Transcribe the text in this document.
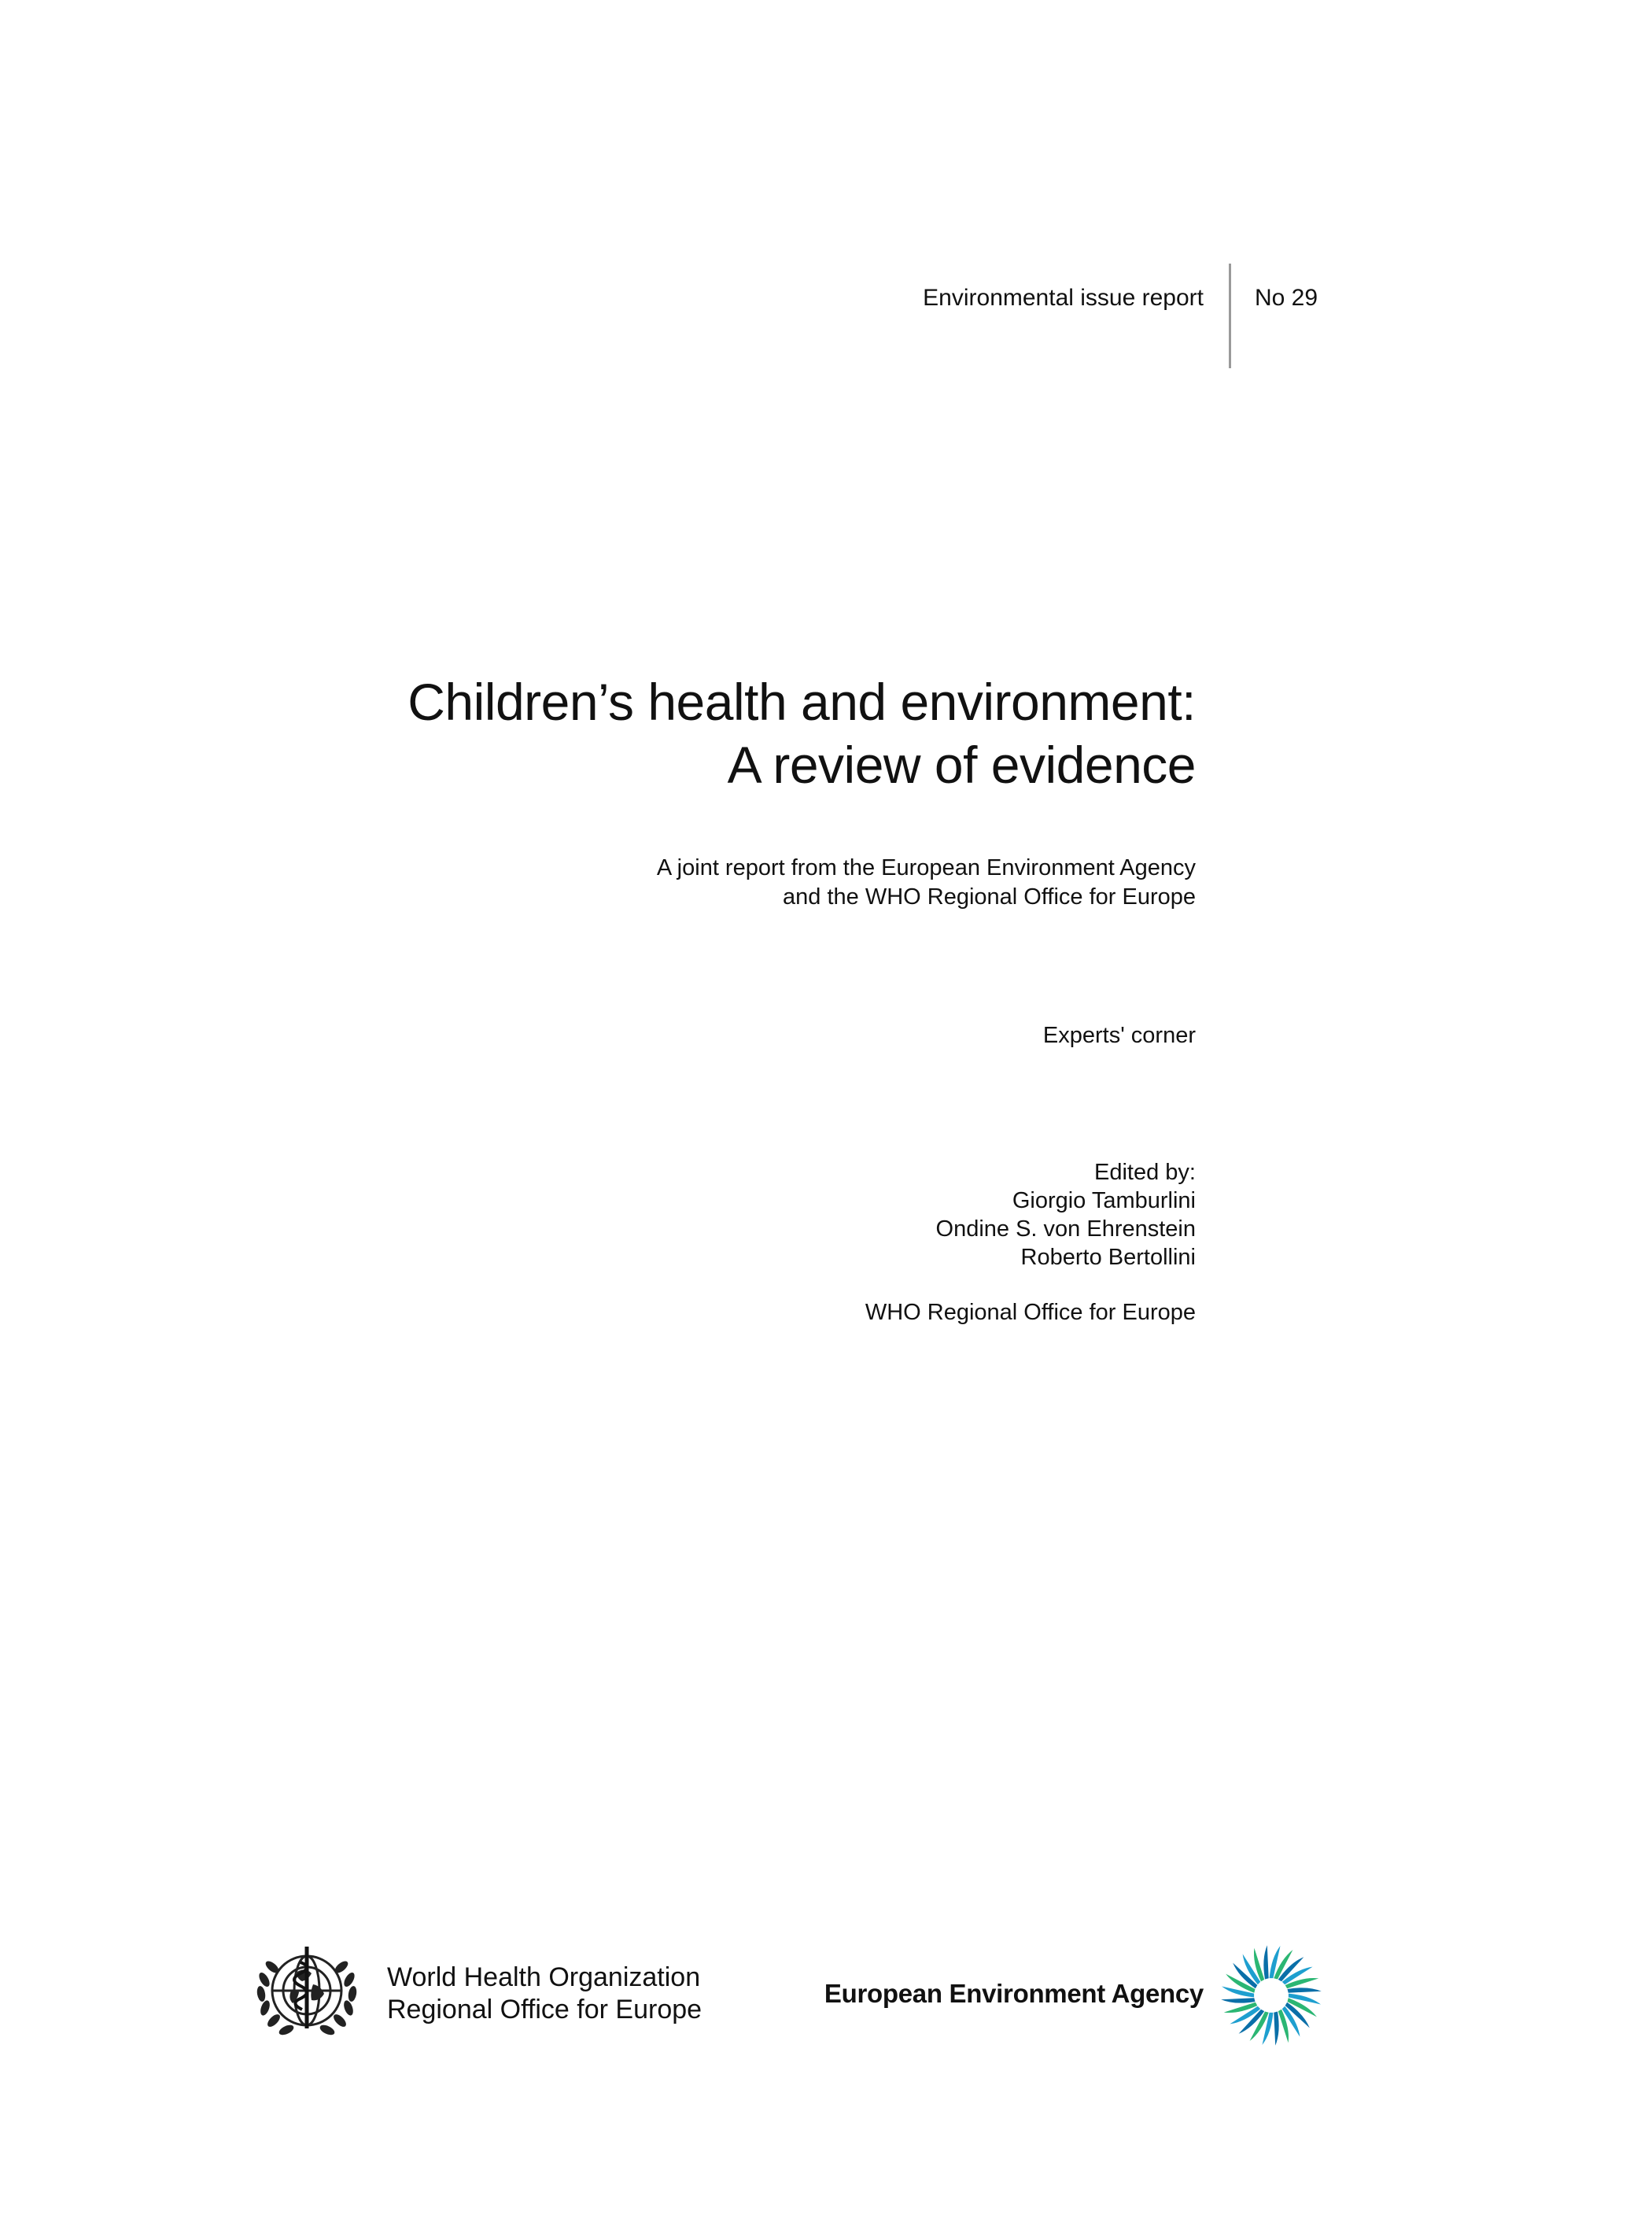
Environmental issue report No 29
Children’s health and environment:
A review of evidence
A joint report from the European Environment Agency
and the WHO Regional Office for Europe
Experts' corner
Edited by:
Giorgio Tamburlini
Ondine S. von Ehrenstein
Roberto Bertollini
WHO Regional Office for Europe
World Health Organization
Regional Office for Europe
European Environment Agency
